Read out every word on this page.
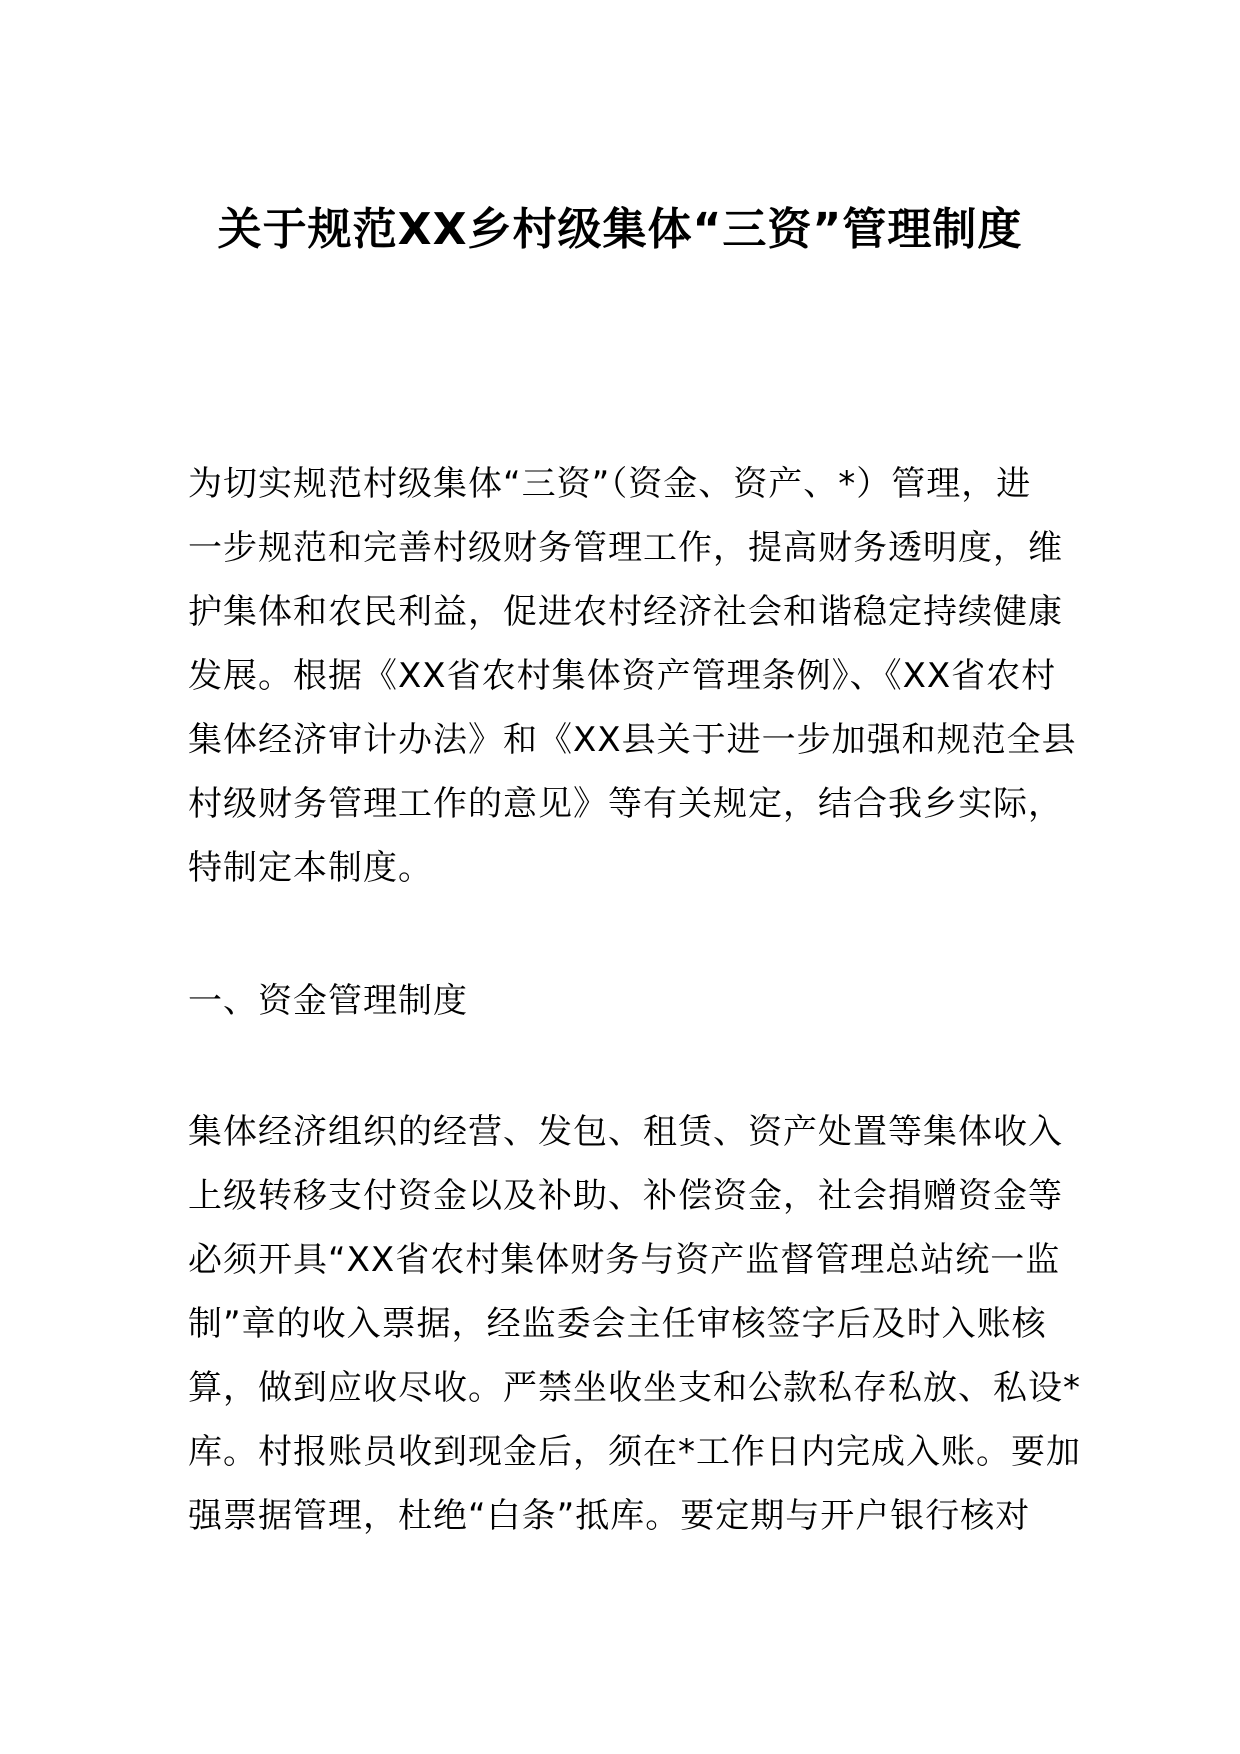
关于规范XX乡村级集体“三资”管理制度
为切实规范村级集体“三资”（资金、资产、*）管理，进
一步规范和完善村级财务管理工作，提高财务透明度，维
护集体和农民利益，促进农村经济社会和谐稳定持续健康
发展。根据《XX省农村集体资产管理条例》、《XX省农村
集体经济审计办法》和《XX县关于进一步加强和规范全县
村级财务管理工作的意见》等有关规定，结合我乡实际，
特制定本制度。
一、资金管理制度
集体经济组织的经营、发包、租赁、资产处置等集体收入
上级转移支付资金以及补助、补偿资金，社会捐赠资金等
必须开具“XX省农村集体财务与资产监督管理总站统一监
制”章的收入票据，经监委会主任审核签字后及时入账核
算，做到应收尽收。严禁坐收坐支和公款私存私放、私设*
库。村报账员收到现金后，须在*工作日内完成入账。要加
强票据管理，杜绝“白条”抵库。要定期与开户银行核对
